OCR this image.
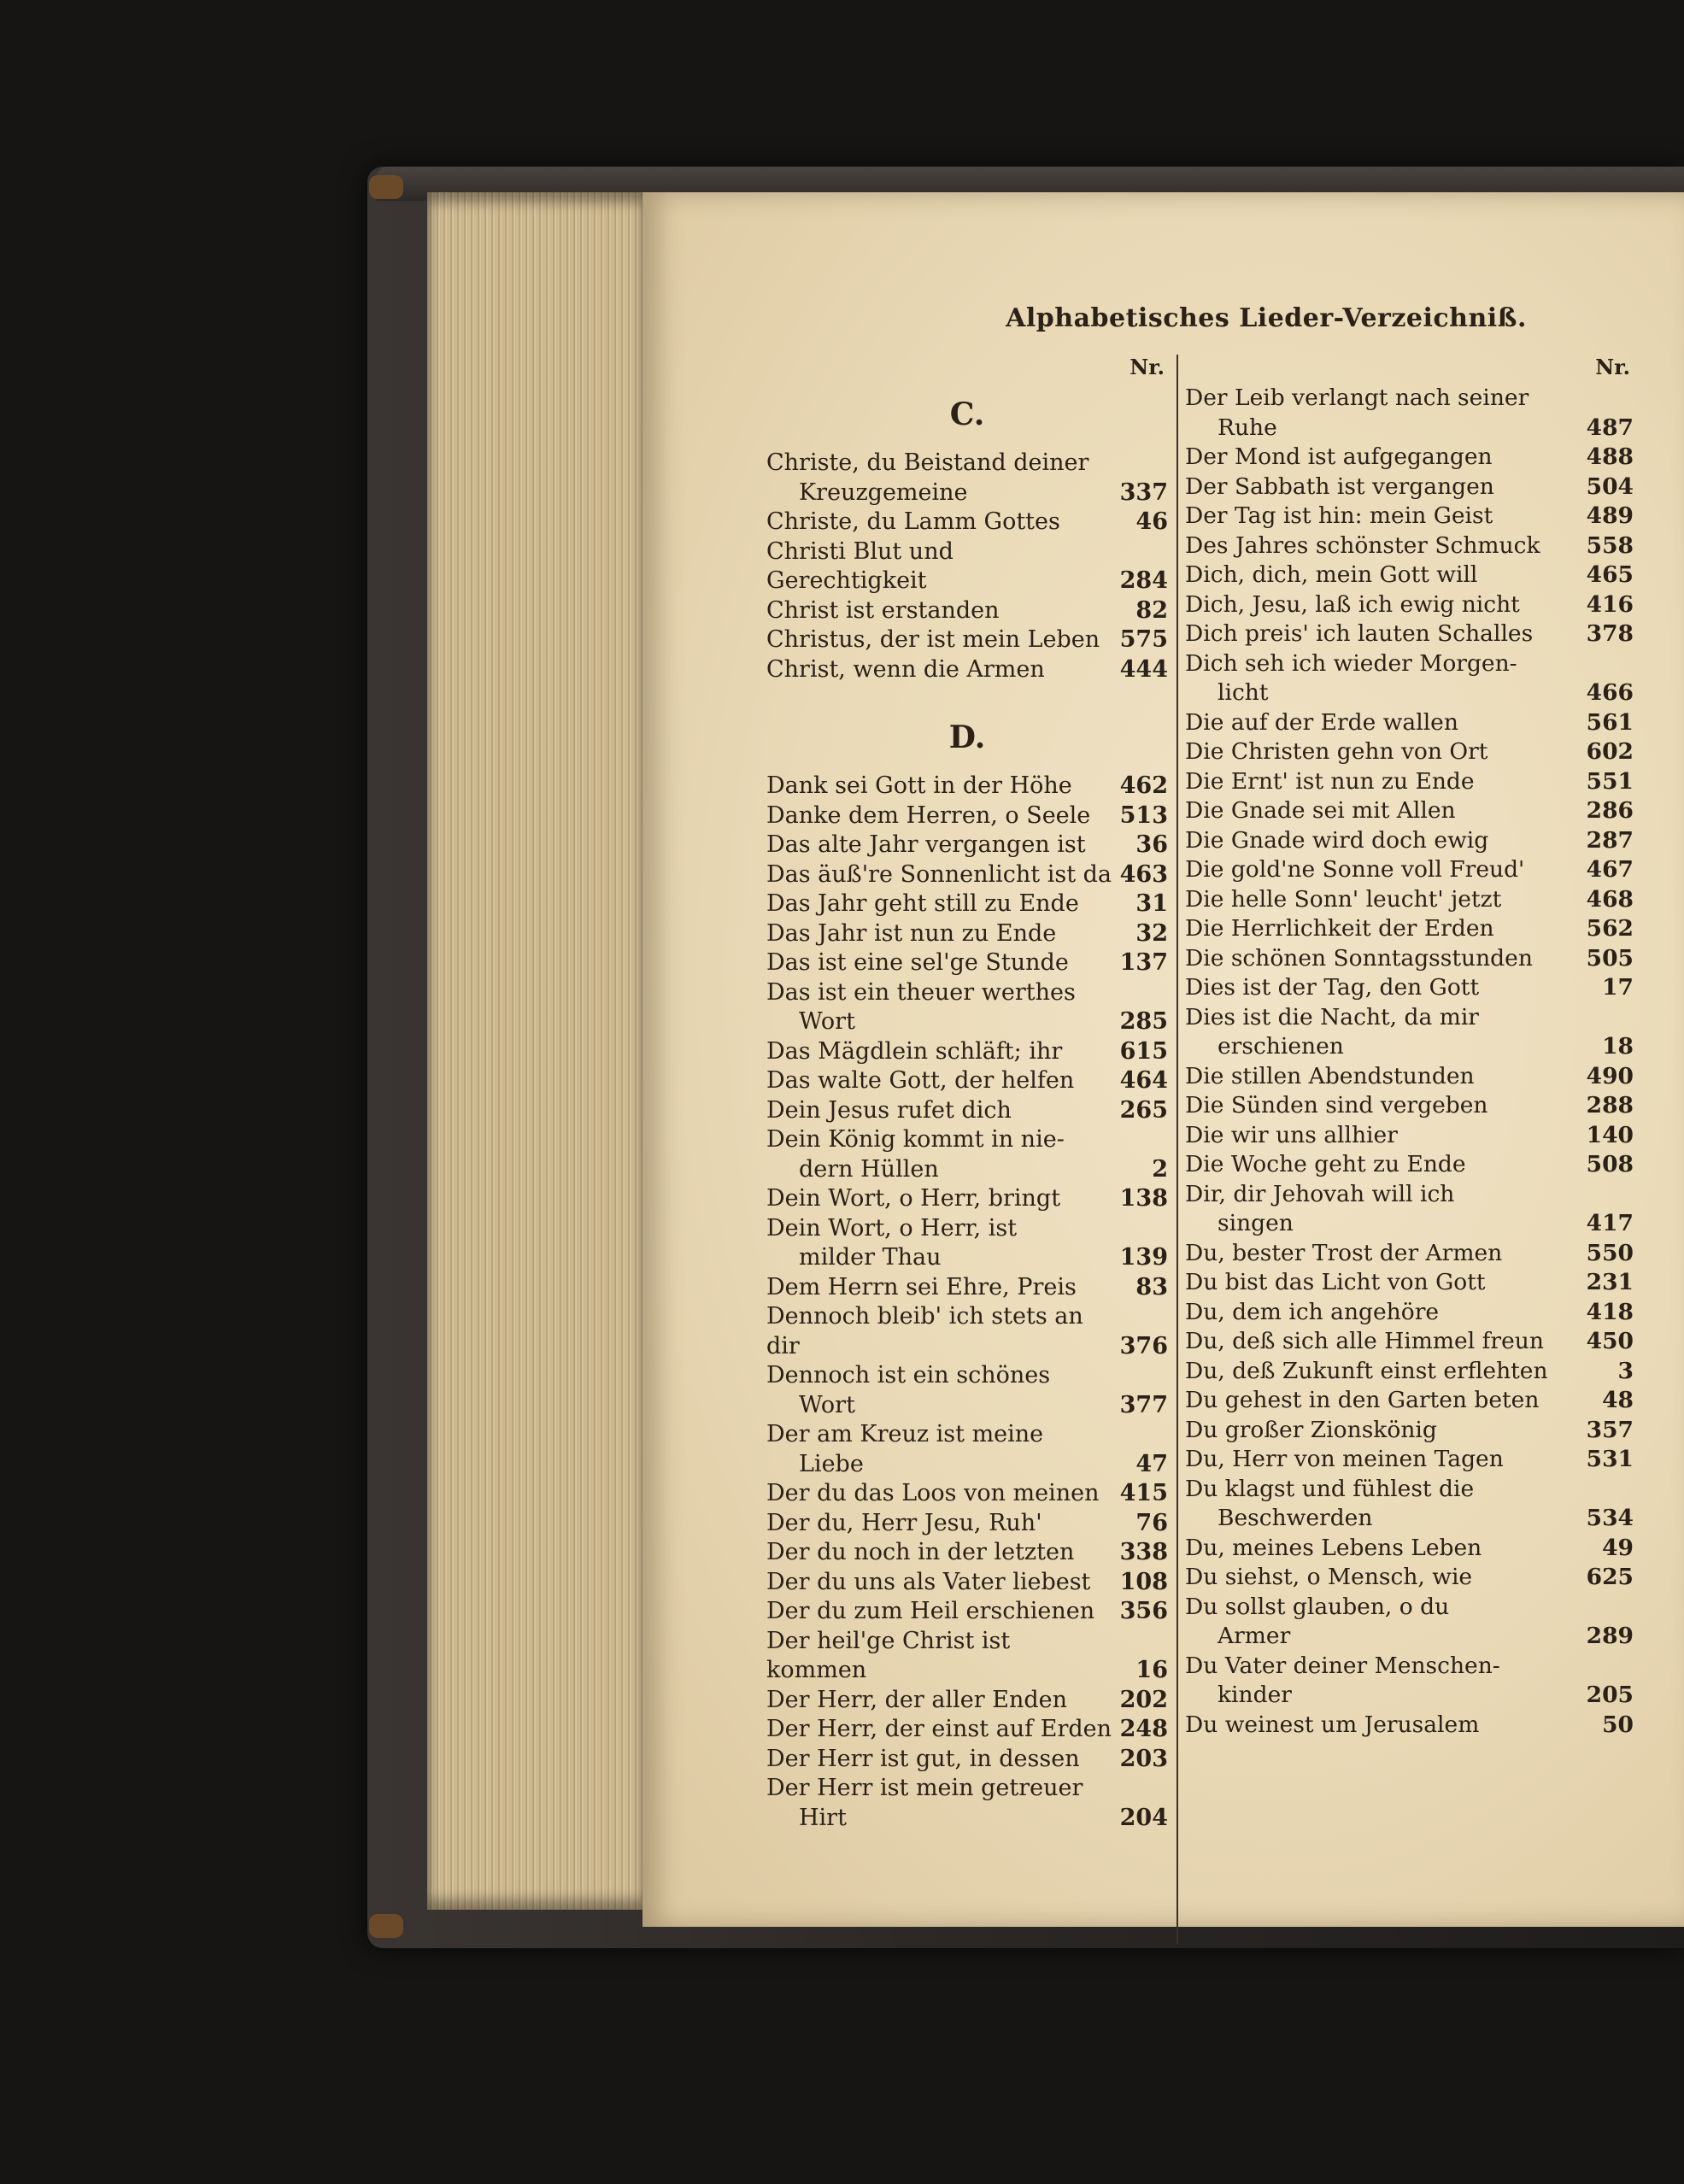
Alphabetisches Lieder-Verzeichniß.
Nr.
C.
Christe, du Beistand deiner
Kreuzgemeine	337
Christe, du Lamm Gottes	46
Christi Blut und Gerechtigkeit	284
Christ ist erstanden	82
Christus, der ist mein Leben 575
Christ, wenn die Armen	444
D.
Dank sei Gott in der Höhe	462
Danke dem Herren, o Seele	513
Das alte Jahr vergangen ist	36
Das äuß're Sonnenlicht ist da 463
Das Jahr geht still zu Ende	31
Das Jahr ist nun zu Ende	32
Das ist eine sel'ge Stunde	137
Das ist ein theuer werthes
Wort	285
Das Mägdlein schläft; ihr	615
Das walte Gott, der helfen	464
Dein Jesus rufet dich	265
Dein König kommt in nie-
dern Hüllen	2
Dein Wort, o Herr, bringt	138
Dein Wort, o Herr, ist
milder Thau	139
Dem Herrn sei Ehre, Preis	83
Dennoch bleib' ich stets an dir	376
Dennoch ist ein schönes
Wort	377
Der am Kreuz ist meine
Liebe	47
Der du das Loos von meinen 415
Der du, Herr Jesu, Ruh'	76
Der du noch in der letzten	338
Der du uns als Vater liebest	108
Der du zum Heil erschienen	356
Der heil'ge Christ ist kommen	16
Der Herr, der aller Enden	202
Der Herr, der einst auf Erden 248
Der Herr ist gut, in dessen	203
Der Herr ist mein getreuer
Hirt	204
Nr.
Der Leib verlangt nach seiner
Ruhe	487
Der Mond ist aufgegangen	488
Der Sabbath ist vergangen	504
Der Tag ist hin: mein Geist	489
Des Jahres schönster Schmuck	558
Dich, dich, mein Gott will	465
Dich, Jesu, laß ich ewig nicht	416
Dich preis' ich lauten Schalles	378
Dich seh ich wieder Morgen-
licht	466
Die auf der Erde wallen	561
Die Christen gehn von Ort	602
Die Ernt' ist nun zu Ende	551
Die Gnade sei mit Allen	286
Die Gnade wird doch ewig	287
Die gold'ne Sonne voll Freud'	467
Die helle Sonn' leucht' jetzt	468
Die Herrlichkeit der Erden	562
Die schönen Sonntagsstunden	505
Dies ist der Tag, den Gott	17
Dies ist die Nacht, da mir
erschienen	18
Die stillen Abendstunden	490
Die Sünden sind vergeben	288
Die wir uns allhier	140
Die Woche geht zu Ende	508
Dir, dir Jehovah will ich
singen	417
Du, bester Trost der Armen	550
Du bist das Licht von Gott	231
Du, dem ich angehöre	418
Du, deß sich alle Himmel freun	450
Du, deß Zukunft einst erflehten	3
Du gehest in den Garten beten	48
Du großer Zionskönig	357
Du, Herr von meinen Tagen	531
Du klagst und fühlest die
Beschwerden	534
Du, meines Lebens Leben	49
Du siehst, o Mensch, wie	625
Du sollst glauben, o du
Armer	289
Du Vater deiner Menschen-
kinder	205
Du weinest um Jerusalem	50
